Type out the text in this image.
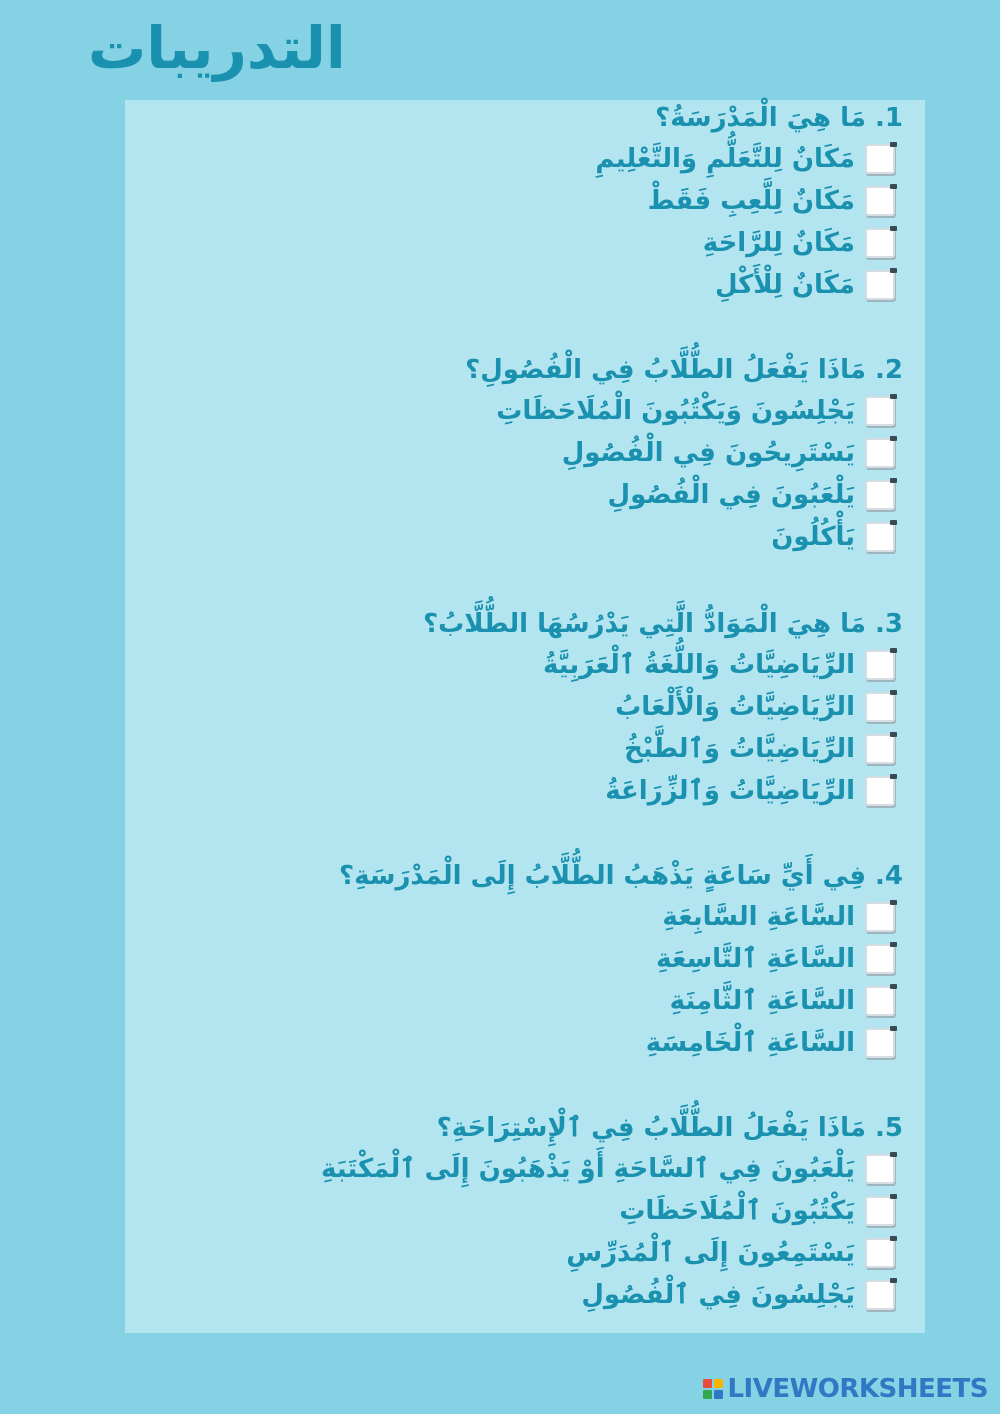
التدريبات
1. مَا هِيَ الْمَدْرَسَةُ؟
مَكَانٌ لِلتَّعَلُّمِ وَالتَّعْلِيمِ
مَكَانٌ لِلَّعِبِ فَقَطْ
مَكَانٌ لِلرَّاحَةِ
مَكَانٌ لِلْأَكْلِ
2. مَاذَا يَفْعَلُ الطُّلَّابُ فِي الْفُصُولِ؟
يَجْلِسُونَ وَيَكْتُبُونَ الْمُلَاحَظَاتِ
يَسْتَرِيحُونَ فِي الْفُصُولِ
يَلْعَبُونَ فِي الْفُصُولِ
يَأْكُلُونَ
3. مَا هِيَ الْمَوَادُّ الَّتِي يَدْرُسُهَا الطُّلَّابُ؟
الرِّيَاضِيَّاتُ وَاللُّغَةُ ٱلْعَرَبِيَّةُ
الرِّيَاضِيَّاتُ وَالْأَلْعَابُ
الرِّيَاضِيَّاتُ وَٱلطَّبْخُ
الرِّيَاضِيَّاتُ وَٱلزِّرَاعَةُ
4. فِي أَيِّ سَاعَةٍ يَذْهَبُ الطُّلَّابُ إِلَى الْمَدْرَسَةِ؟
السَّاعَةِ السَّابِعَةِ
السَّاعَةِ ٱلتَّاسِعَةِ
السَّاعَةِ ٱلثَّامِنَةِ
السَّاعَةِ ٱلْخَامِسَةِ
5. مَاذَا يَفْعَلُ الطُّلَّابُ فِي ٱلْإِسْتِرَاحَةِ؟
يَلْعَبُونَ فِي ٱلسَّاحَةِ أَوْ يَذْهَبُونَ إِلَى ٱلْمَكْتَبَةِ
يَكْتُبُونَ ٱلْمُلَاحَظَاتِ
يَسْتَمِعُونَ إِلَى ٱلْمُدَرِّسِ
يَجْلِسُونَ فِي ٱلْفُصُولِ
LIVEWORKSHEETS
